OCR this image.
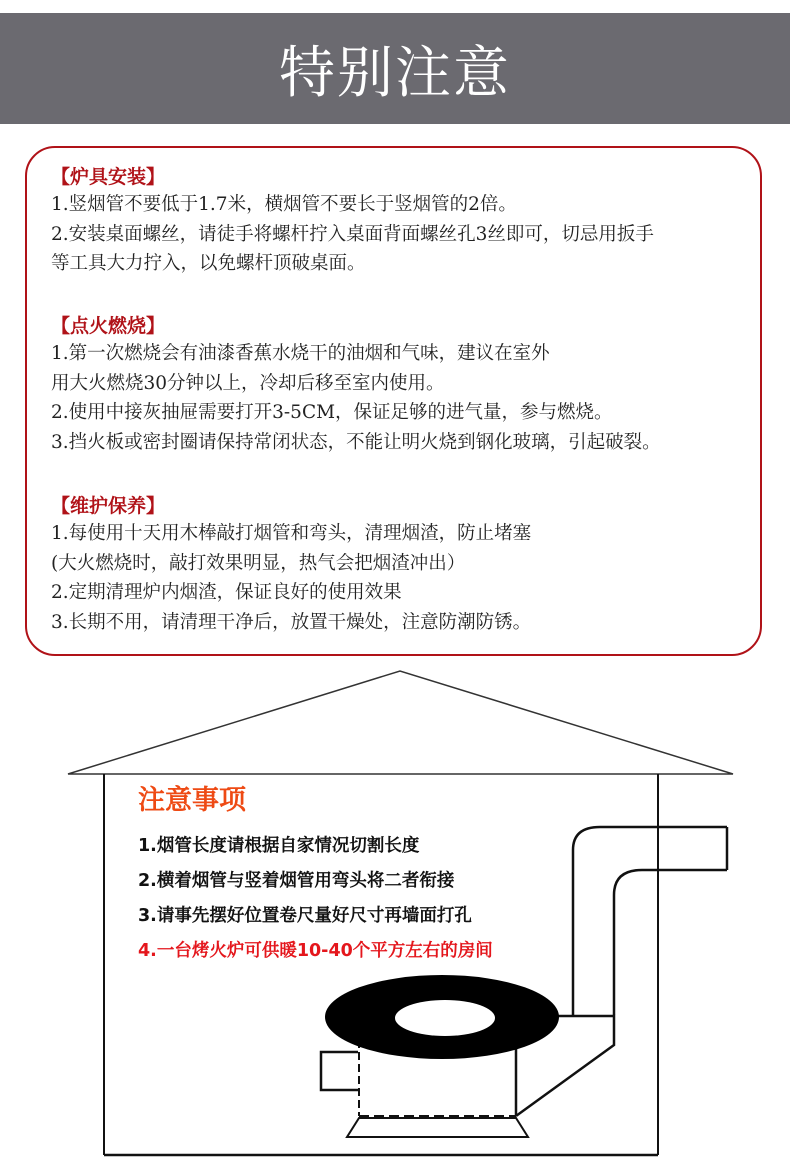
特别注意
【炉具安装】
1.竖烟管不要低于1.7米，横烟管不要长于竖烟管的2倍。
2.安装桌面螺丝，请徒手将螺杆拧入桌面背面螺丝孔3丝即可，切忌用扳手
等工具大力拧入，以免螺杆顶破桌面。
【点火燃烧】
1.第一次燃烧会有油漆香蕉水烧干的油烟和气味，建议在室外
用大火燃烧30分钟以上，冷却后移至室内使用。
2.使用中接灰抽屉需要打开3-5CM，保证足够的进气量，参与燃烧。
3.挡火板或密封圈请保持常闭状态，不能让明火烧到钢化玻璃，引起破裂。
【维护保养】
1.每使用十天用木棒敲打烟管和弯头，清理烟渣，防止堵塞
(大火燃烧时，敲打效果明显，热气会把烟渣冲出）
2.定期清理炉内烟渣，保证良好的使用效果
3.长期不用，请清理干净后，放置干燥处，注意防潮防锈。
注意事项
1.烟管长度请根据自家情况切割长度
2.横着烟管与竖着烟管用弯头将二者衔接
3.请事先摆好位置卷尺量好尺寸再墙面打孔
4.一台烤火炉可供暖10-40个平方左右的房间
